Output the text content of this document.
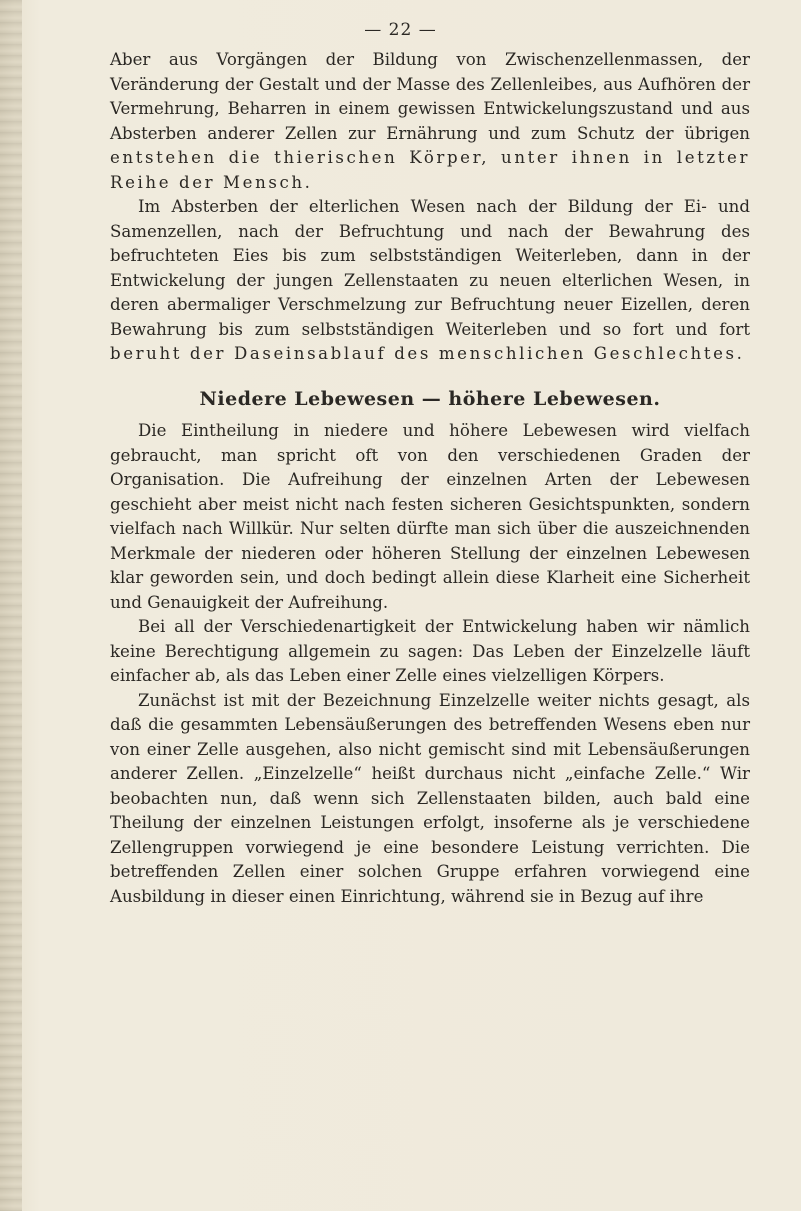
— 22 —

Aber aus Vorgängen der Bildung von Zwischenzellenmassen, der Veränderung der Gestalt und der Masse des Zellenleibes, aus Aufhören der Vermehrung, Beharren in einem gewissen Entwickelungszustand und aus Absterben anderer Zellen zur Ernährung und zum Schutz der übrigen entstehen die thierischen Körper, unter ihnen in letzter Reihe der Mensch.

Im Absterben der elterlichen Wesen nach der Bildung der Ei- und Samenzellen, nach der Befruchtung und nach der Bewahrung des befruchteten Eies bis zum selbstständigen Weiterleben, dann in der Entwickelung der jungen Zellenstaaten zu neuen elterlichen Wesen, in deren abermaliger Verschmelzung zur Befruchtung neuer Eizellen, deren Bewahrung bis zum selbstständigen Weiterleben und so fort und fort beruht der Daseinsablauf des menschlichen Geschlechtes.

Niedere Lebewesen — höhere Lebewesen.

Die Eintheilung in niedere und höhere Lebewesen wird vielfach gebraucht, man spricht oft von den verschiedenen Graden der Organisation. Die Aufreihung der einzelnen Arten der Lebewesen geschieht aber meist nicht nach festen sicheren Gesichtspunkten, sondern vielfach nach Willkür. Nur selten dürfte man sich über die auszeichnenden Merkmale der niederen oder höheren Stellung der einzelnen Lebewesen klar geworden sein, und doch bedingt allein diese Klarheit eine Sicherheit und Genauigkeit der Aufreihung.

Bei all der Verschiedenartigkeit der Entwickelung haben wir nämlich keine Berechtigung allgemein zu sagen: Das Leben der Einzelzelle läuft einfacher ab, als das Leben einer Zelle eines vielzelligen Körpers.

Zunächst ist mit der Bezeichnung Einzelzelle weiter nichts gesagt, als daß die gesammten Lebensäußerungen des betreffenden Wesens eben nur von einer Zelle ausgehen, also nicht gemischt sind mit Lebensäußerungen anderer Zellen. „Einzelzelle“ heißt durchaus nicht „einfache Zelle.“ Wir beobachten nun, daß wenn sich Zellenstaaten bilden, auch bald eine Theilung der einzelnen Leistungen erfolgt, insoferne als je verschiedene Zellengruppen vorwiegend je eine besondere Leistung verrichten. Die betreffenden Zellen einer solchen Gruppe erfahren vorwiegend eine Ausbildung in dieser einen Einrichtung, während sie in Bezug auf ihre
